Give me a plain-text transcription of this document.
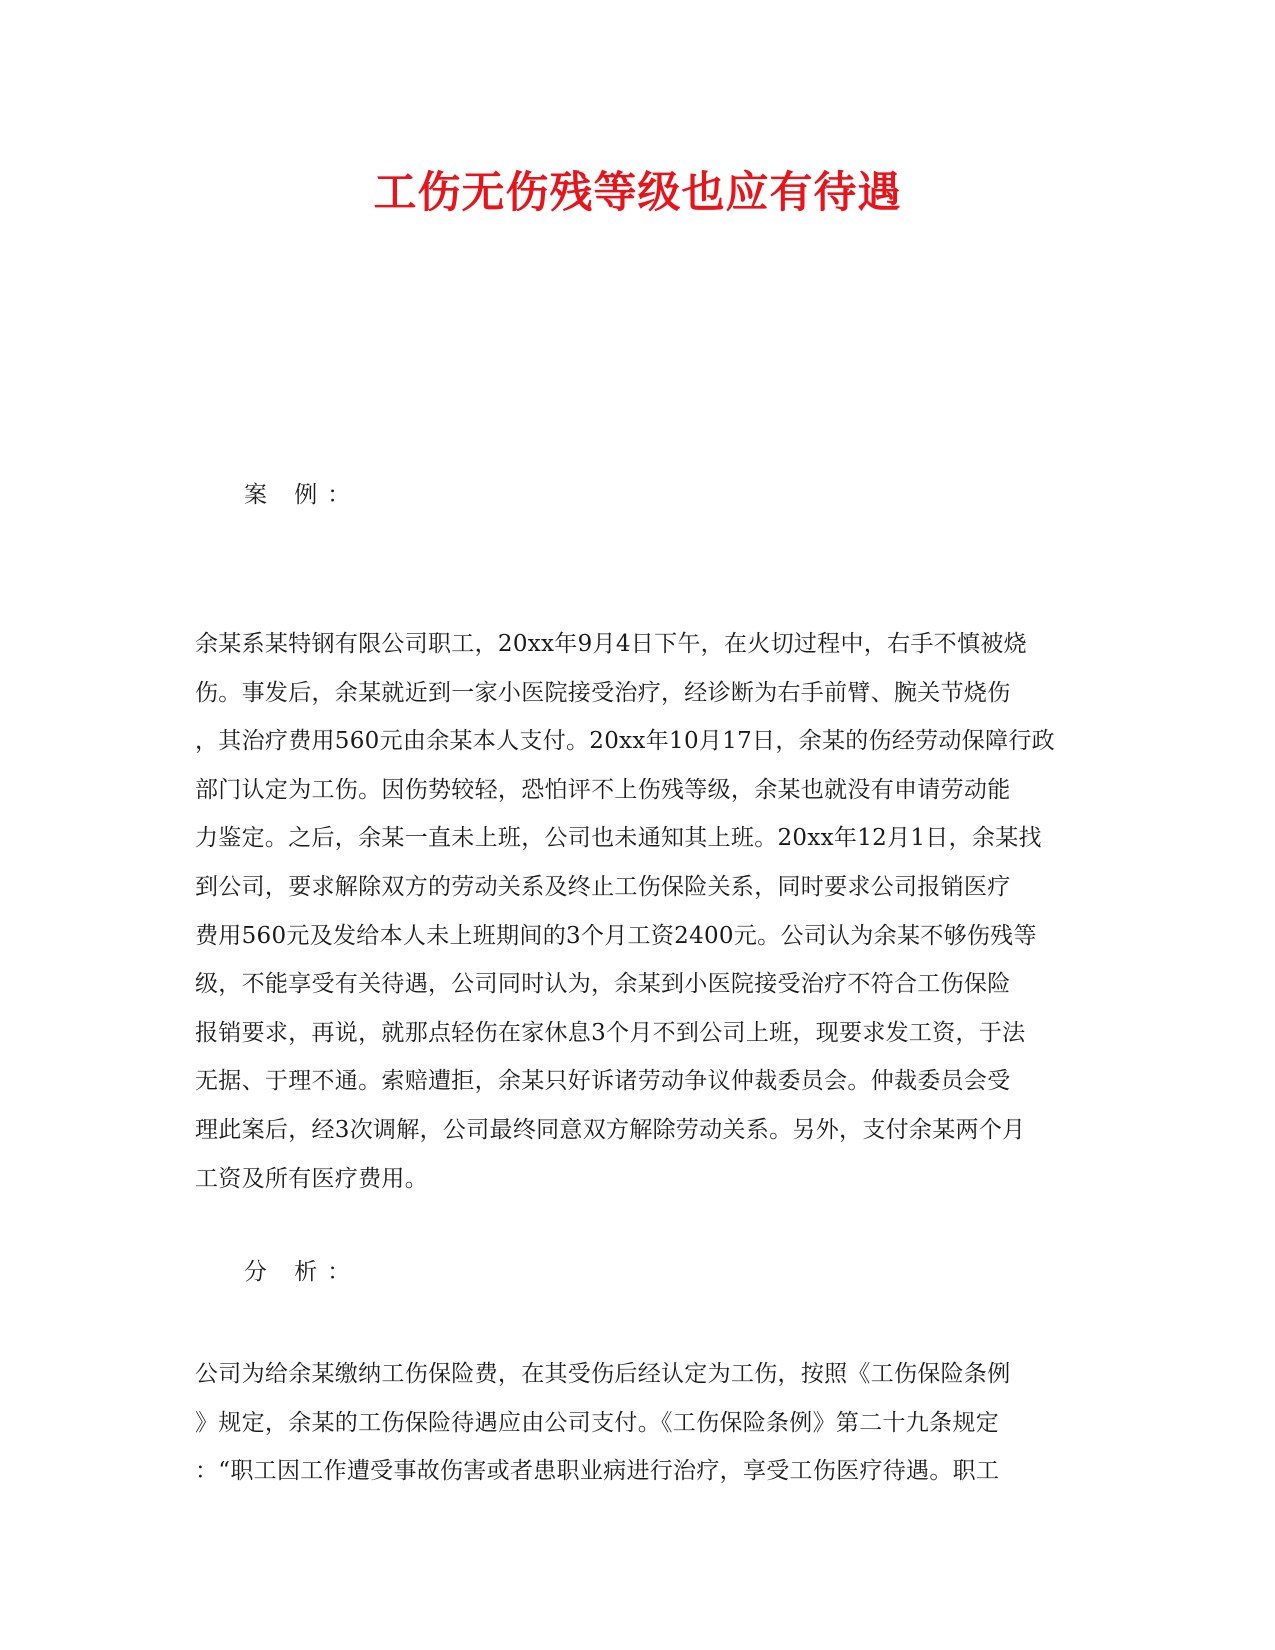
工伤无伤残等级也应有待遇

案 例：

余某系某特钢有限公司职工，20xx年9月4日下午，在火切过程中，右手不慎被烧
伤。事发后，余某就近到一家小医院接受治疗，经诊断为右手前臂、腕关节烧伤
，其治疗费用560元由余某本人支付。20xx年10月17日，余某的伤经劳动保障行政
部门认定为工伤。因伤势较轻，恐怕评不上伤残等级，余某也就没有申请劳动能
力鉴定。之后，余某一直未上班，公司也未通知其上班。20xx年12月1日，余某找
到公司，要求解除双方的劳动关系及终止工伤保险关系，同时要求公司报销医疗
费用560元及发给本人未上班期间的3个月工资2400元。公司认为余某不够伤残等
级，不能享受有关待遇，公司同时认为，余某到小医院接受治疗不符合工伤保险
报销要求，再说，就那点轻伤在家休息3个月不到公司上班，现要求发工资，于法
无据、于理不通。索赔遭拒，余某只好诉诸劳动争议仲裁委员会。仲裁委员会受
理此案后，经3次调解，公司最终同意双方解除劳动关系。另外，支付余某两个月
工资及所有医疗费用。

分 析：

公司为给余某缴纳工伤保险费，在其受伤后经认定为工伤，按照《工伤保险条例
》规定，余某的工伤保险待遇应由公司支付。《工伤保险条例》第二十九条规定
：“职工因工作遭受事故伤害或者患职业病进行治疗，享受工伤医疗待遇。职工
